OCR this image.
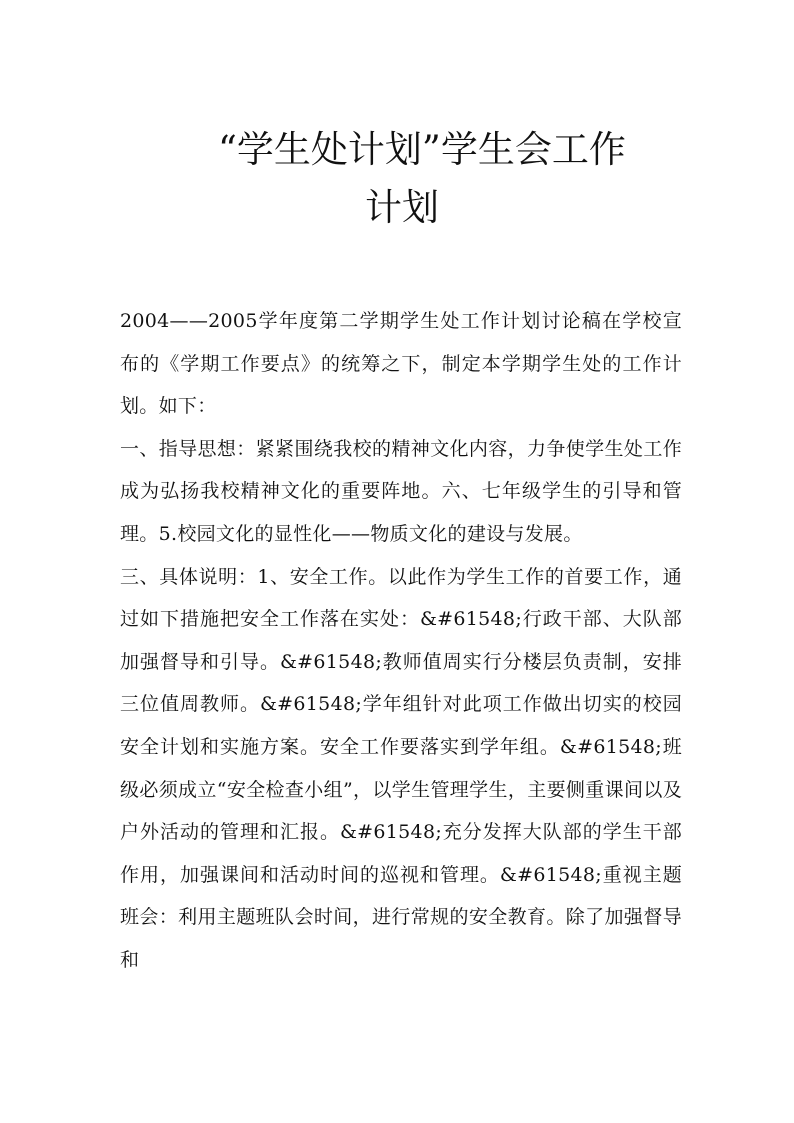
“学生处计划”学生会工作
计划

2004——2005学年度第二学期学生处工作计划讨论稿在学校宣布的《学期工作要点》的统筹之下，制定本学期学生处的工作计划。如下：

一、指导思想：紧紧围绕我校的精神文化内容，力争使学生处工作成为弘扬我校精神文化的重要阵地。六、七年级学生的引导和管理。5.校园文化的显性化——物质文化的建设与发展。

三、具体说明：1、安全工作。以此作为学生工作的首要工作，通过如下措施把安全工作落在实处：&#61548;行政干部、大队部加强督导和引导。&#61548;教师值周实行分楼层负责制，安排三位值周教师。&#61548;学年组针对此项工作做出切实的校园安全计划和实施方案。安全工作要落实到学年组。&#61548;班级必须成立“安全检查小组”，以学生管理学生，主要侧重课间以及户外活动的管理和汇报。&#61548;充分发挥大队部的学生干部作用，加强课间和活动时间的巡视和管理。&#61548;重视主题班会：利用主题班队会时间，进行常规的安全教育。除了加强督导和
